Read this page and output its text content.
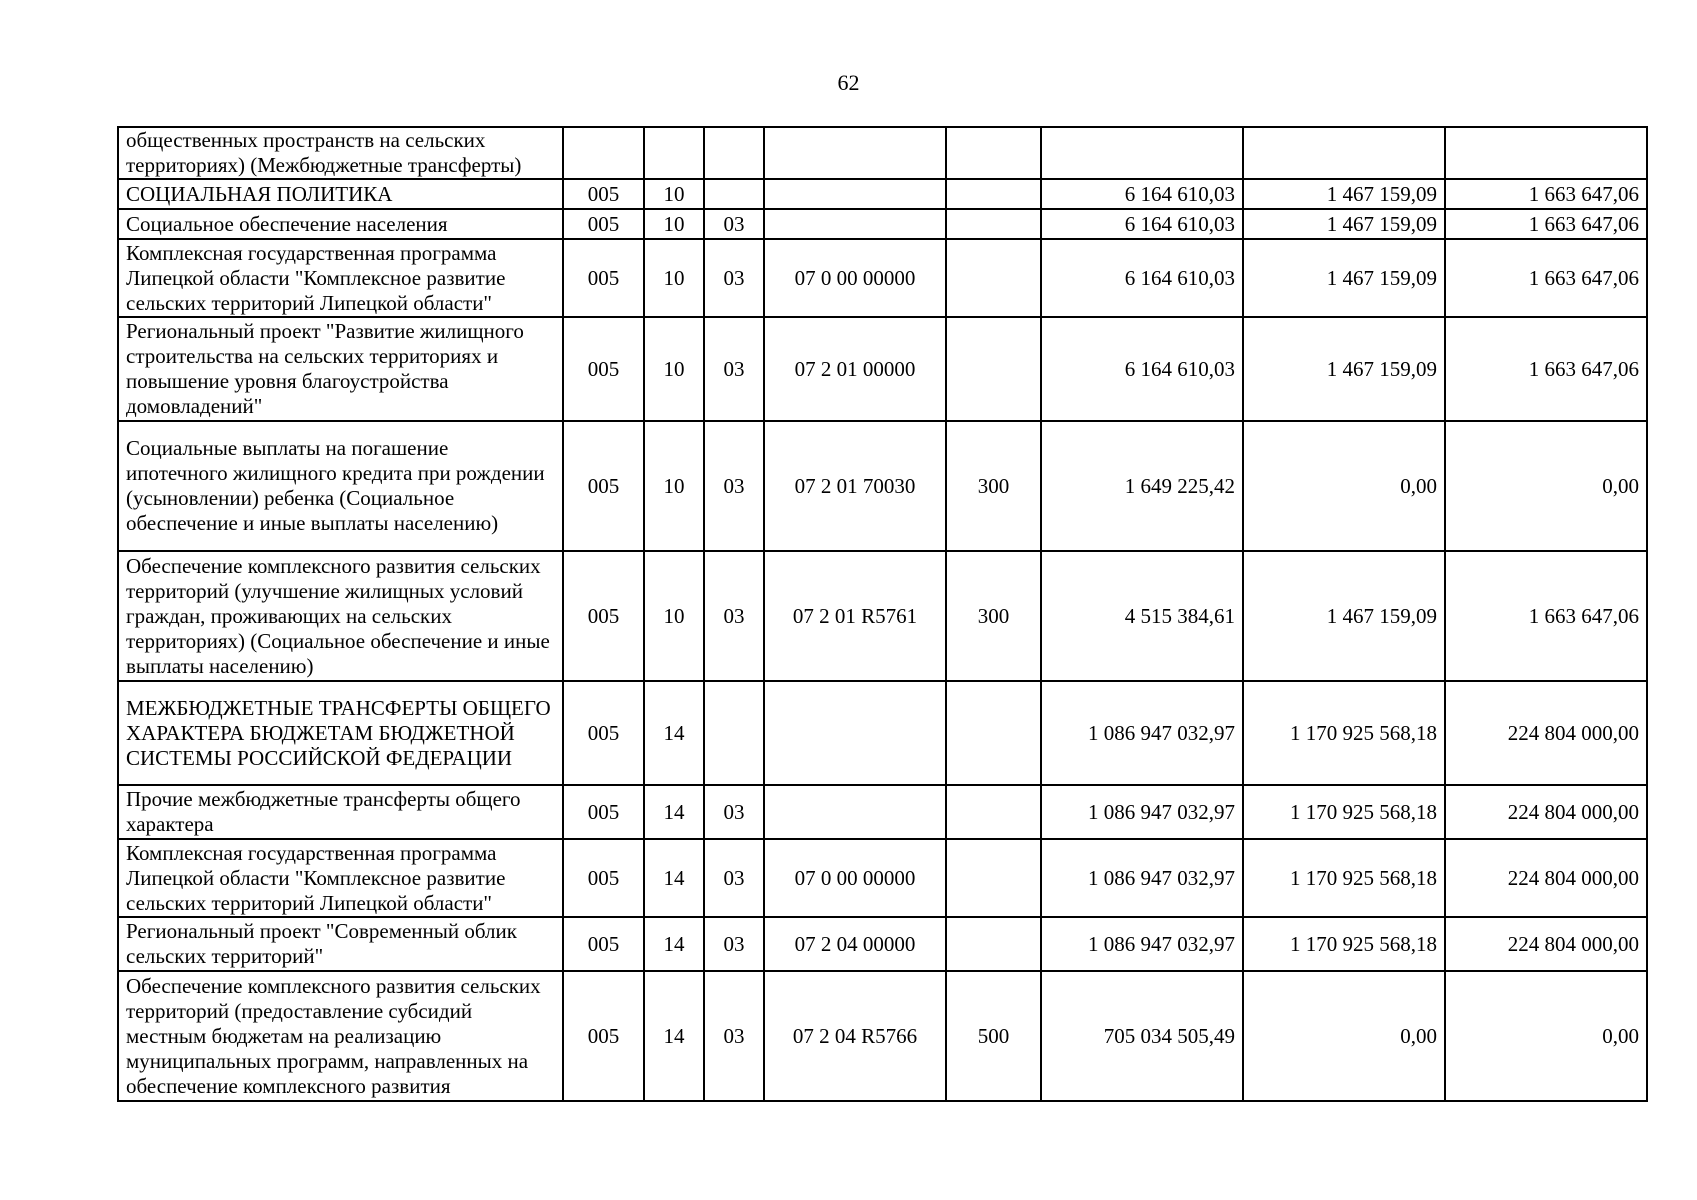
62
общественных пространств на сельских территориях) (Межбюджетные трансферты)								
СОЦИАЛЬНАЯ ПОЛИТИКА	005	10				6 164 610,03	1 467 159,09	1 663 647,06
Социальное обеспечение населения	005	10	03			6 164 610,03	1 467 159,09	1 663 647,06
Комплексная государственная программа Липецкой области "Комплексное развитие сельских территорий Липецкой области"	005	10	03	07 0 00 00000		6 164 610,03	1 467 159,09	1 663 647,06
Региональный проект "Развитие жилищного строительства на сельских территориях и повышение уровня благоустройства домовладений"	005	10	03	07 2 01 00000		6 164 610,03	1 467 159,09	1 663 647,06
Социальные выплаты на погашение ипотечного жилищного кредита при рождении (усыновлении) ребенка (Социальное обеспечение и иные выплаты населению)	005	10	03	07 2 01 70030	300	1 649 225,42	0,00	0,00
Обеспечение комплексного развития сельских территорий (улучшение жилищных условий граждан, проживающих на сельских территориях) (Социальное обеспечение и иные выплаты населению)	005	10	03	07 2 01 R5761	300	4 515 384,61	1 467 159,09	1 663 647,06
МЕЖБЮДЖЕТНЫЕ ТРАНСФЕРТЫ ОБЩЕГО ХАРАКТЕРА БЮДЖЕТАМ БЮДЖЕТНОЙ СИСТЕМЫ РОССИЙСКОЙ ФЕДЕРАЦИИ	005	14				1 086 947 032,97	1 170 925 568,18	224 804 000,00
Прочие межбюджетные трансферты общего характера	005	14	03			1 086 947 032,97	1 170 925 568,18	224 804 000,00
Комплексная государственная программа Липецкой области "Комплексное развитие сельских территорий Липецкой области"	005	14	03	07 0 00 00000		1 086 947 032,97	1 170 925 568,18	224 804 000,00
Региональный проект "Современный облик сельских территорий"	005	14	03	07 2 04 00000		1 086 947 032,97	1 170 925 568,18	224 804 000,00
Обеспечение комплексного развития сельских территорий (предоставление субсидий местным бюджетам на реализацию муниципальных программ, направленных на обеспечение комплексного развития	005	14	03	07 2 04 R5766	500	705 034 505,49	0,00	0,00
